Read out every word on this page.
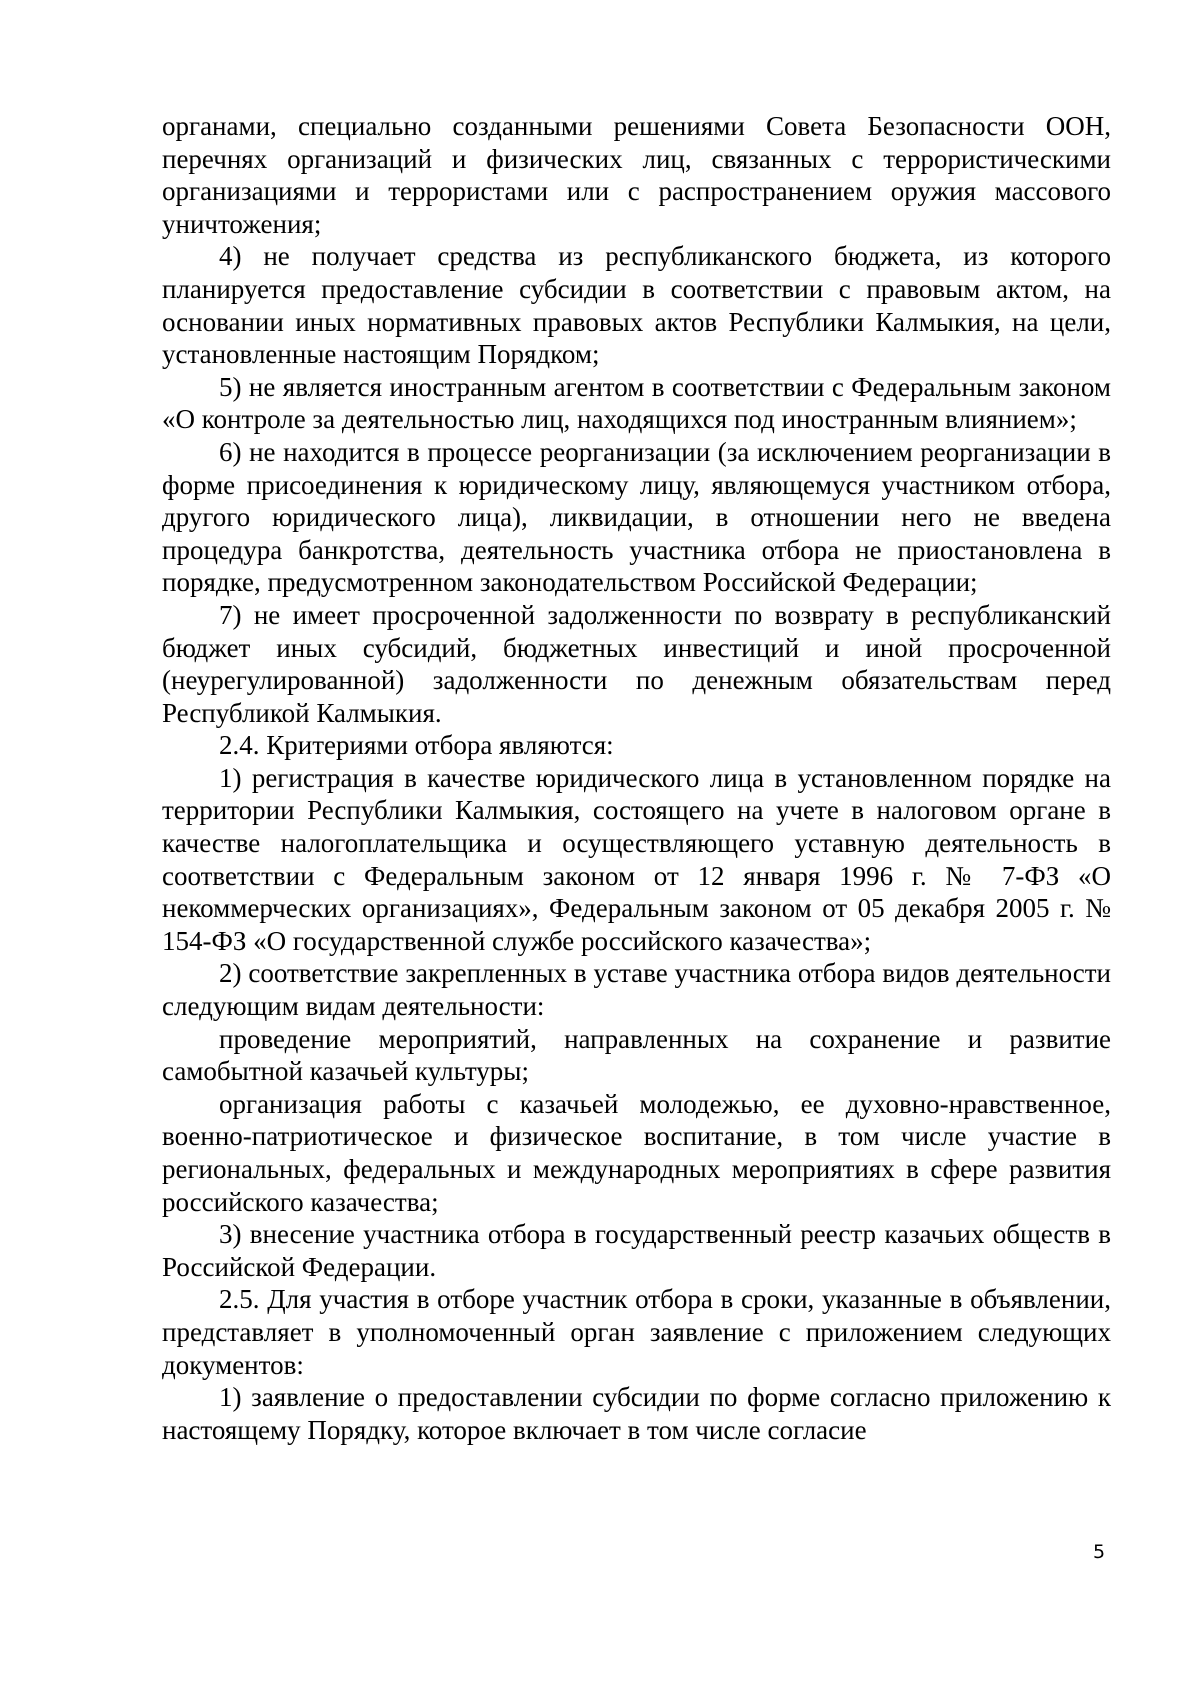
органами, специально созданными решениями Совета Безопасности ООН, перечнях организаций и физических лиц, связанных с террористическими организациями и террористами или с распространением оружия массового уничтожения;

4) не получает средства из республиканского бюджета, из которого планируется предоставление субсидии в соответствии с правовым актом, на основании иных нормативных правовых актов Республики Калмыкия, на цели, установленные настоящим Порядком;

5) не является иностранным агентом в соответствии с Федеральным законом «О контроле за деятельностью лиц, находящихся под иностранным влиянием»;

6) не находится в процессе реорганизации (за исключением реорганизации в форме присоединения к юридическому лицу, являющемуся участником отбора, другого юридического лица), ликвидации, в отношении него не введена процедура банкротства, деятельность участника отбора не приостановлена в порядке, предусмотренном законодательством Российской Федерации;

7) не имеет просроченной задолженности по возврату в республиканский бюджет иных субсидий, бюджетных инвестиций и иной просроченной (неурегулированной) задолженности по денежным обязательствам перед Республикой Калмыкия.

2.4. Критериями отбора являются:

1) регистрация в качестве юридического лица в установленном порядке на территории Республики Калмыкия, состоящего на учете в налоговом органе в качестве налогоплательщика и осуществляющего уставную деятельность в соответствии с Федеральным законом от 12 января 1996 г. № 7-ФЗ «О некоммерческих организациях», Федеральным законом от 05 декабря 2005 г. № 154-ФЗ «О государственной службе российского казачества»;

2) соответствие закрепленных в уставе участника отбора видов деятельности следующим видам деятельности:

проведение мероприятий, направленных на сохранение и развитие самобытной казачьей культуры;

организация работы с казачьей молодежью, ее духовно-нравственное, военно-патриотическое и физическое воспитание, в том числе участие в региональных, федеральных и международных мероприятиях в сфере развития российского казачества;

3) внесение участника отбора в государственный реестр казачьих обществ в Российской Федерации.

2.5. Для участия в отборе участник отбора в сроки, указанные в объявлении, представляет в уполномоченный орган заявление с приложением следующих документов:

1) заявление о предоставлении субсидии по форме согласно приложению к настоящему Порядку, которое включает в том числе согласие

5
